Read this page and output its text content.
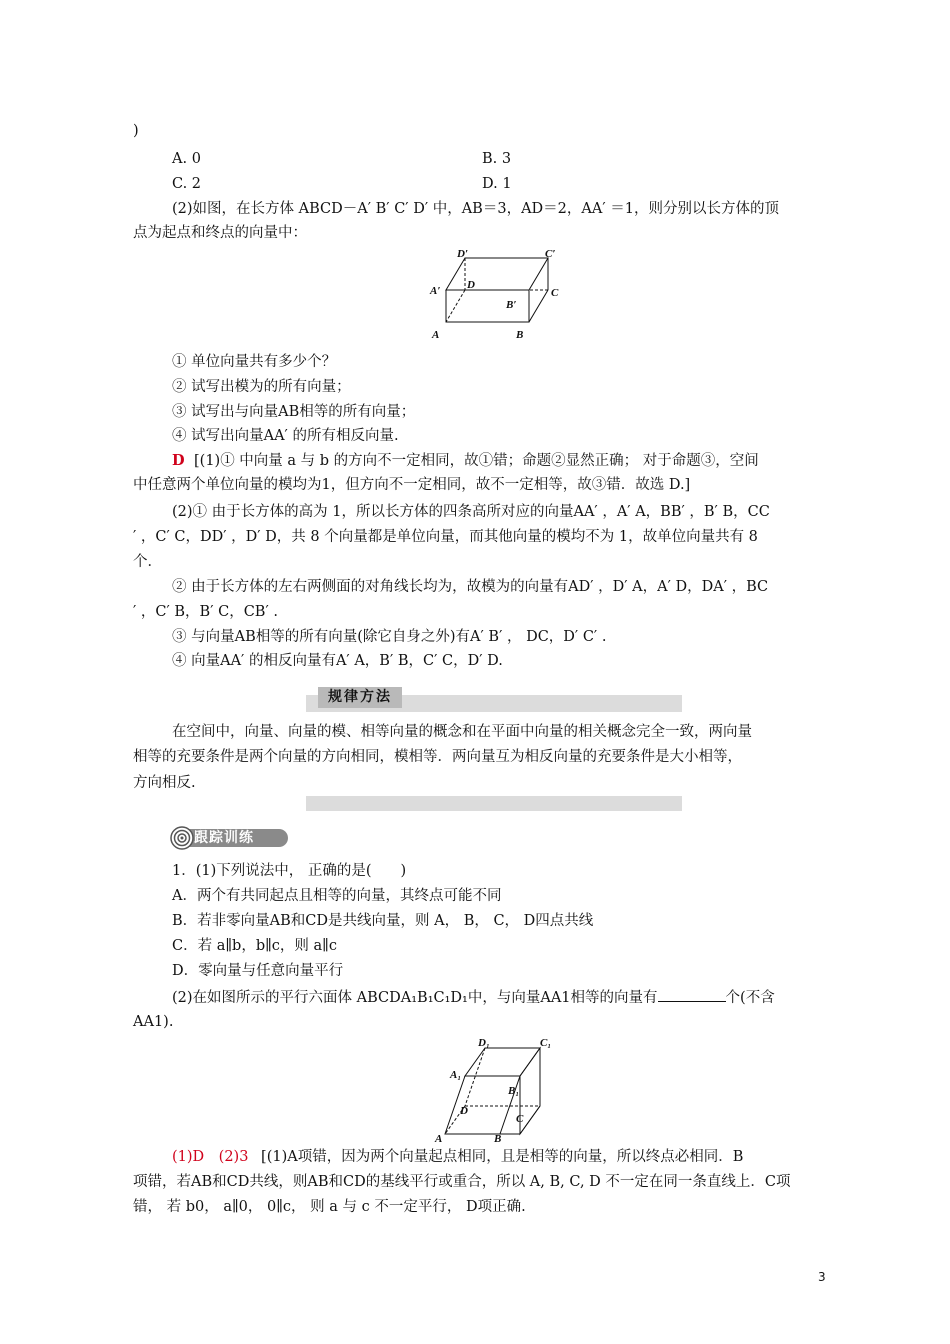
)
A. 0	B. 3
C. 2	D. 1
(2)如图，在长方体 ABCD－A′ B′ C′ D′ 中，AB＝3，AD＝2，AA′ ＝1，则分别以长方体的顶
点为起点和终点的向量中：
D′	C′
A′ D
C
B′
A	B
① 单位向量共有多少个？
② 试写出模为的所有向量；
③ 试写出与向量AB相等的所有向量；
④ 试写出向量AA′ 的所有相反向量.
D [(1)① 中向量 a 与 b 的方向不一定相同，故①错；命题②显然正确； 对于命题③，空间
中任意两个单位向量的模均为1，但方向不一定相同，故不一定相等，故③错．故选 D.]
(2)① 由于长方体的高为 1，所以长方体的四条高所对应的向量AA′ ，A′ A，BB′ ，B′ B，CC
′ ，C′ C，DD′ ，D′ D，共 8 个向量都是单位向量，而其他向量的模均不为 1，故单位向量共有 8
个．
② 由于长方体的左右两侧面的对角线长均为，故模为的向量有AD′ ，D′ A，A′ D，DA′ ，BC
′ ，C′ B，B′ C，CB′ .
③ 与向量AB相等的所有向量(除它自身之外)有A′ B′ ， DC，D′ C′ .
④ 向量AA′ 的相反向量有A′ A，B′ B，C′ C，D′ D.
规律方法
在空间中，向量、向量的模、相等向量的概念和在平面中向量的相关概念完全一致，两向量
相等的充要条件是两个向量的方向相同，模相等．两向量互为相反向量的充要条件是大小相等，
方向相反.
跟踪训练
1．(1)下列说法中， 正确的是(　　)
A．两个有共同起点且相等的向量，其终点可能不同
B．若非零向量AB和CD是共线向量，则 A， B， C， D四点共线
C．若 a∥b，b∥c，则 a∥c
D．零向量与任意向量平行
(2)在如图所示的平行六面体 ABCDA₁B₁C₁D₁中，与向量AA1相等的向量有	个(不含
AA1).
D₁	C₁
A₁
B₁
D
C
A	B
(1)D　(2)3 [(1)A项错，因为两个向量起点相同，且是相等的向量，所以终点必相同．B
项错，若AB和CD共线，则AB和CD的基线平行或重合，所以 A, B, C, D 不一定在同一条直线上．C项
错， 若 b0， a∥0， 0∥c， 则 a 与 c 不一定平行， D项正确.
3
